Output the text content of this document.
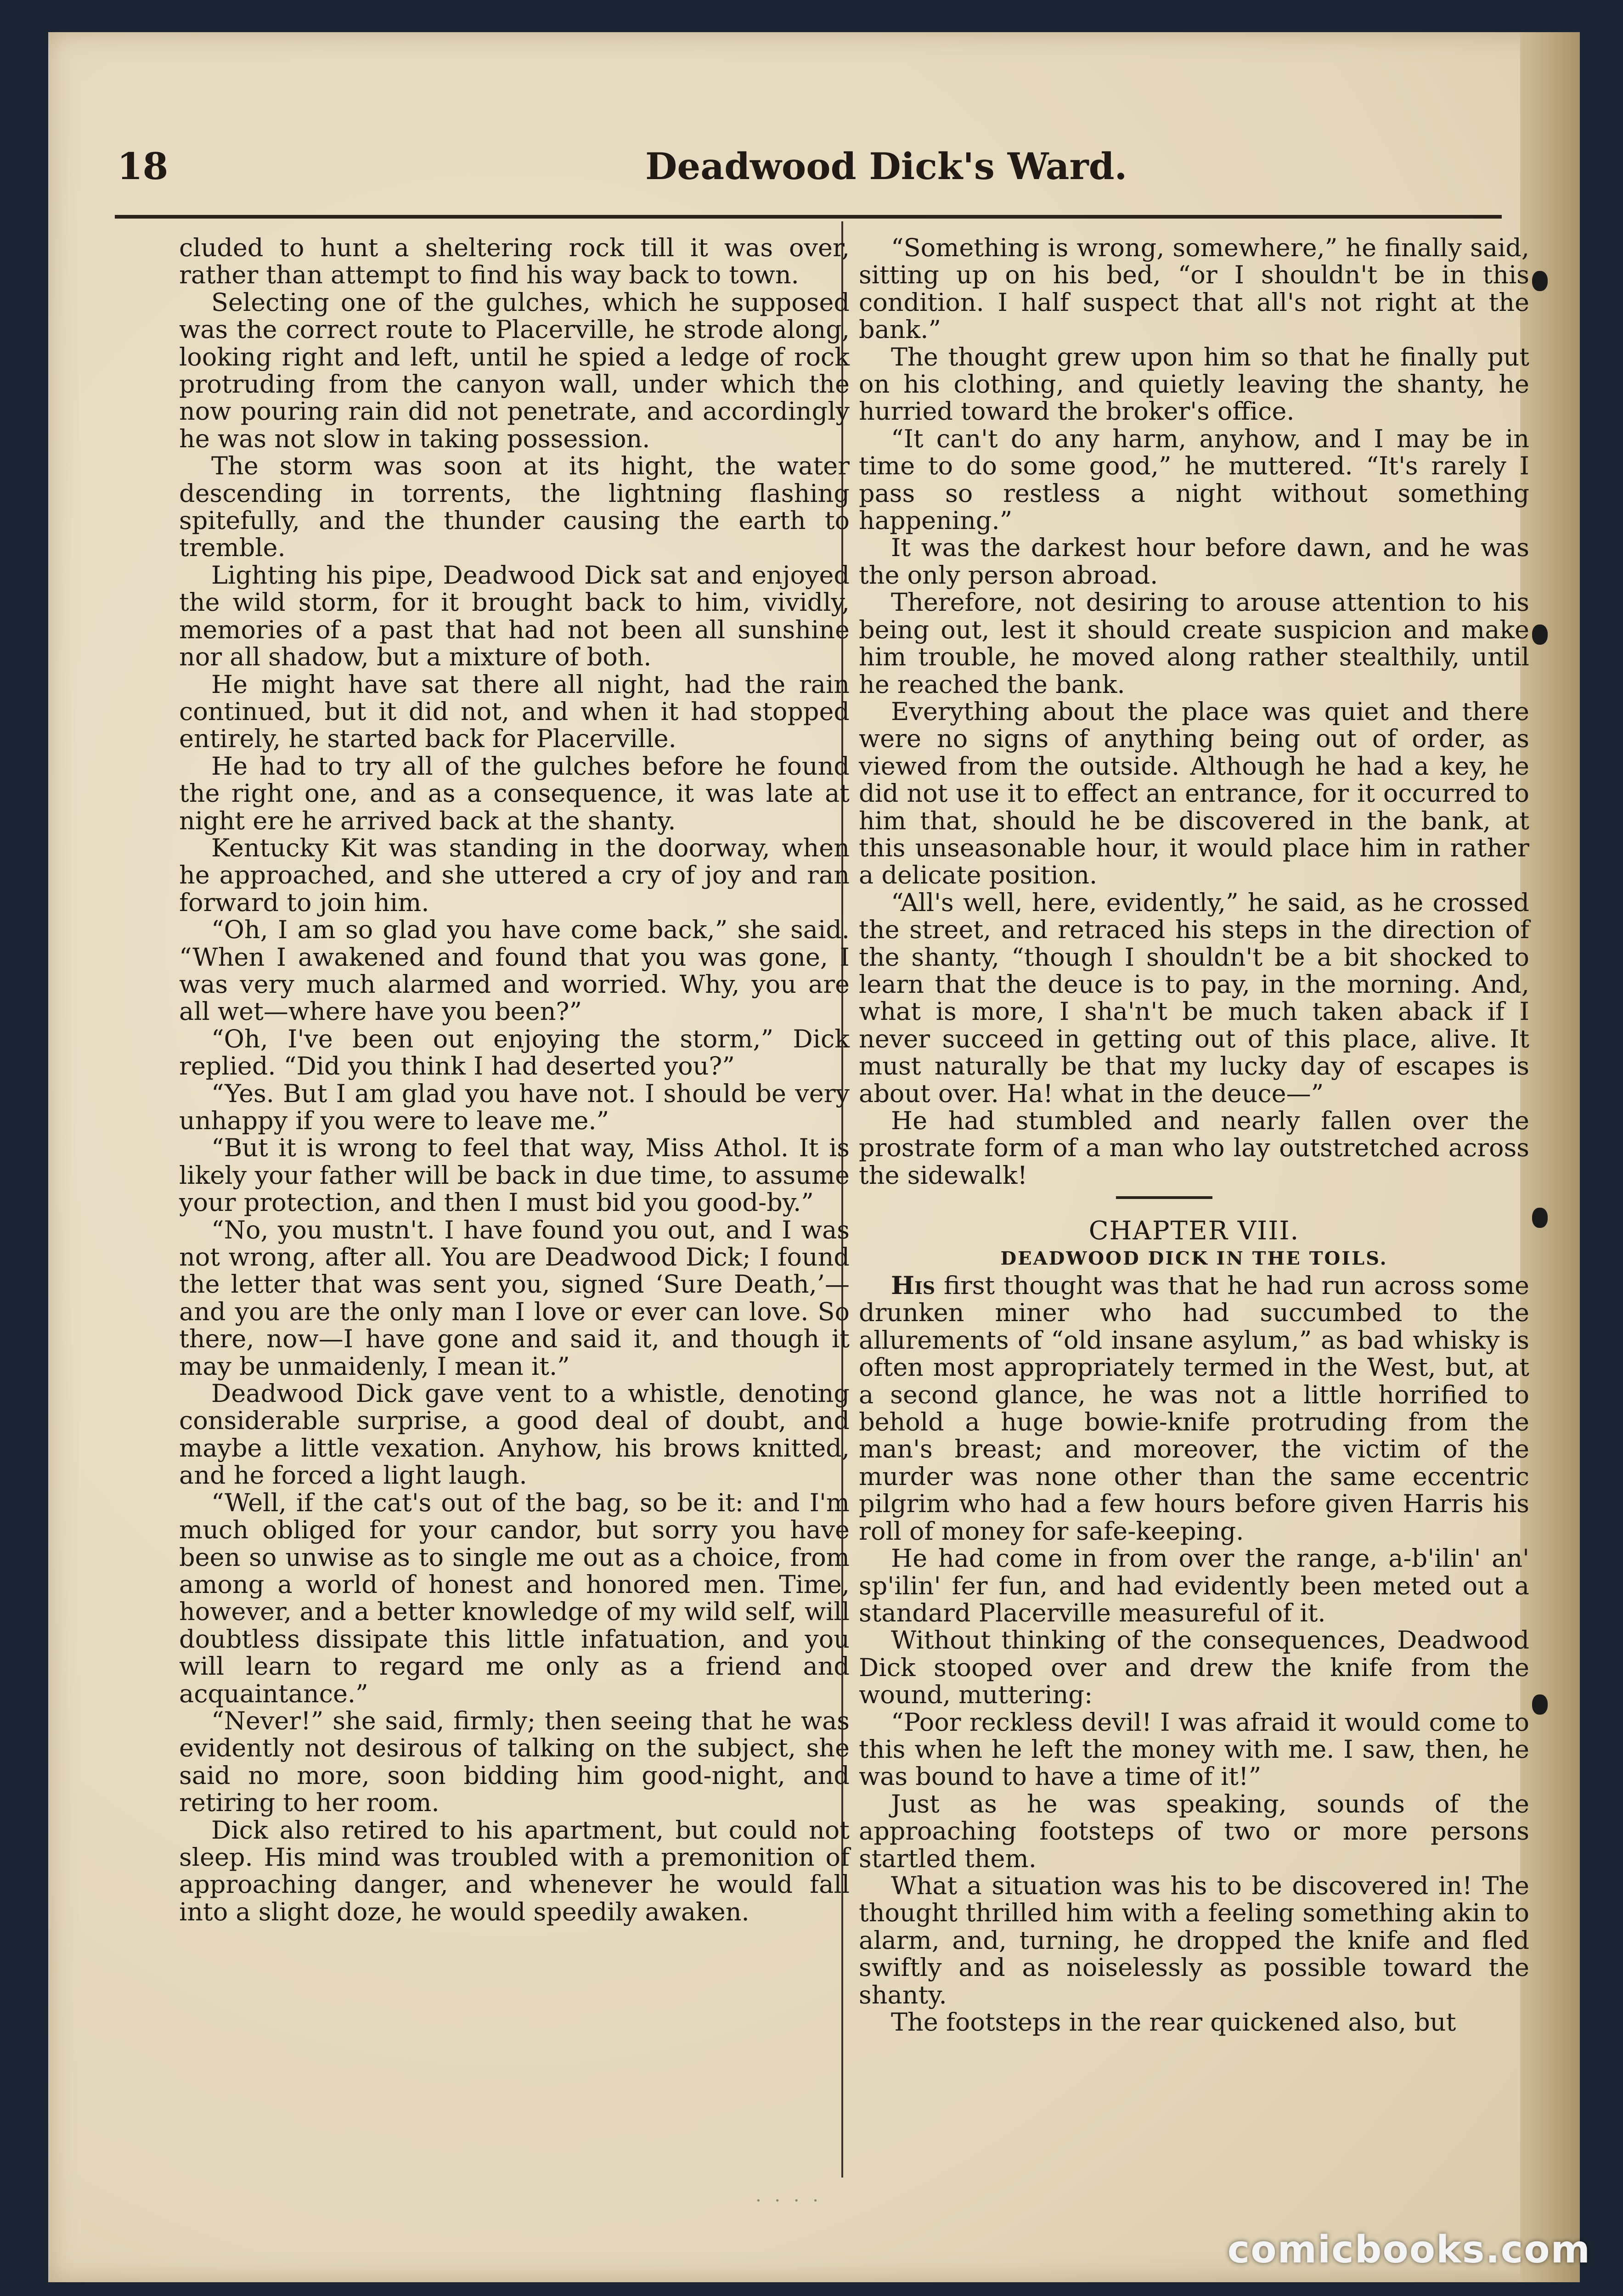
18	Deadwood Dick's Ward.

cluded to hunt a sheltering rock till it was over, rather than attempt to find his way back to town.

Selecting one of the gulches, which he supposed was the correct route to Placerville, he strode along, looking right and left, until he spied a ledge of rock protruding from the canyon wall, under which the now pouring rain did not penetrate, and accordingly he was not slow in taking possession.

The storm was soon at its hight, the water descending in torrents, the lightning flashing spitefully, and the thunder causing the earth to tremble.

Lighting his pipe, Deadwood Dick sat and enjoyed the wild storm, for it brought back to him, vividly, memories of a past that had not been all sunshine nor all shadow, but a mixture of both.

He might have sat there all night, had the rain continued, but it did not, and when it had stopped entirely, he started back for Placerville.

He had to try all of the gulches before he found the right one, and as a consequence, it was late at night ere he arrived back at the shanty.

Kentucky Kit was standing in the doorway, when he approached, and she uttered a cry of joy and ran forward to join him.

“Oh, I am so glad you have come back,” she said. “When I awakened and found that you was gone, I was very much alarmed and worried. Why, you are all wet—where have you been?”

“Oh, I've been out enjoying the storm,” Dick replied. “Did you think I had deserted you?”

“Yes. But I am glad you have not. I should be very unhappy if you were to leave me.”

“But it is wrong to feel that way, Miss Athol. It is likely your father will be back in due time, to assume your protection, and then I must bid you good-by.”

“No, you mustn't. I have found you out, and I was not wrong, after all. You are Deadwood Dick; I found the letter that was sent you, signed ‘Sure Death,’—and you are the only man I love or ever can love. So there, now—I have gone and said it, and though it may be unmaidenly, I mean it.”

Deadwood Dick gave vent to a whistle, denoting considerable surprise, a good deal of doubt, and maybe a little vexation. Anyhow, his brows knitted, and he forced a light laugh.

“Well, if the cat's out of the bag, so be it: and I'm much obliged for your candor, but sorry you have been so unwise as to single me out as a choice, from among a world of honest and honored men. Time, however, and a better knowledge of my wild self, will doubtless dissipate this little infatuation, and you will learn to regard me only as a friend and acquaintance.”

“Never!” she said, firmly; then seeing that he was evidently not desirous of talking on the subject, she said no more, soon bidding him good-night, and retiring to her room.

Dick also retired to his apartment, but could not sleep. His mind was troubled with a premonition of approaching danger, and whenever he would fall into a slight doze, he would speedily awaken.

“Something is wrong, somewhere,” he finally said, sitting up on his bed, “or I shouldn't be in this condition. I half suspect that all's not right at the bank.”

The thought grew upon him so that he finally put on his clothing, and quietly leaving the shanty, he hurried toward the broker's office.

“It can't do any harm, anyhow, and I may be in time to do some good,” he muttered. “It's rarely I pass so restless a night without something happening.”

It was the darkest hour before dawn, and he was the only person abroad.

Therefore, not desiring to arouse attention to his being out, lest it should create suspicion and make him trouble, he moved along rather stealthily, until he reached the bank.

Everything about the place was quiet and there were no signs of anything being out of order, as viewed from the outside. Although he had a key, he did not use it to effect an entrance, for it occurred to him that, should he be discovered in the bank, at this unseasonable hour, it would place him in rather a delicate position.

“All's well, here, evidently,” he said, as he crossed the street, and retraced his steps in the direction of the shanty, “though I shouldn't be a bit shocked to learn that the deuce is to pay, in the morning. And, what is more, I sha'n't be much taken aback if I never succeed in getting out of this place, alive. It must naturally be that my lucky day of escapes is about over. Ha! what in the deuce—”

He had stumbled and nearly fallen over the prostrate form of a man who lay outstretched across the sidewalk!

CHAPTER VIII.

DEADWOOD DICK IN THE TOILS.

His first thought was that he had run across some drunken miner who had succumbed to the allurements of “old insane asylum,” as bad whisky is often most appropriately termed in the West, but, at a second glance, he was not a little horrified to behold a huge bowie-knife protruding from the man's breast; and moreover, the victim of the murder was none other than the same eccentric pilgrim who had a few hours before given Harris his roll of money for safe-keeping.

He had come in from over the range, a-b'ilin' an' sp'ilin' fer fun, and had evidently been meted out a standard Placerville measureful of it.

Without thinking of the consequences, Deadwood Dick stooped over and drew the knife from the wound, muttering:

“Poor reckless devil! I was afraid it would come to this when he left the money with me. I saw, then, he was bound to have a time of it!”

Just as he was speaking, sounds of the approaching footsteps of two or more persons startled them.

What a situation was his to be discovered in! The thought thrilled him with a feeling something akin to alarm, and, turning, he dropped the knife and fled swiftly and as noiselessly as possible toward the shanty.

The footsteps in the rear quickened also, but

· · · ·
comicbooks.com
